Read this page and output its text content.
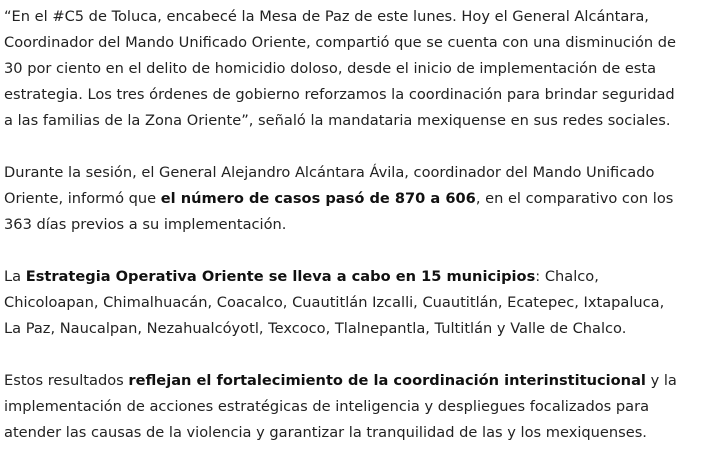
“En el #C5 de Toluca, encabecé la Mesa de Paz de este lunes. Hoy el General Alcántara,
Coordinador del Mando Unificado Oriente, compartió que se cuenta con una disminución de
30 por ciento en el delito de homicidio doloso, desde el inicio de implementación de esta
estrategia. Los tres órdenes de gobierno reforzamos la coordinación para brindar seguridad
a las familias de la Zona Oriente”, señaló la mandataria mexiquense en sus redes sociales.

Durante la sesión, el General Alejandro Alcántara Ávila, coordinador del Mando Unificado
Oriente, informó que el número de casos pasó de 870 a 606, en el comparativo con los
363 días previos a su implementación.

La Estrategia Operativa Oriente se lleva a cabo en 15 municipios: Chalco,
Chicoloapan, Chimalhuacán, Coacalco, Cuautitlán Izcalli, Cuautitlán, Ecatepec, Ixtapaluca,
La Paz, Naucalpan, Nezahualcóyotl, Texcoco, Tlalnepantla, Tultitlán y Valle de Chalco.

Estos resultados reflejan el fortalecimiento de la coordinación interinstitucional y la
implementación de acciones estratégicas de inteligencia y despliegues focalizados para
atender las causas de la violencia y garantizar la tranquilidad de las y los mexiquenses.
